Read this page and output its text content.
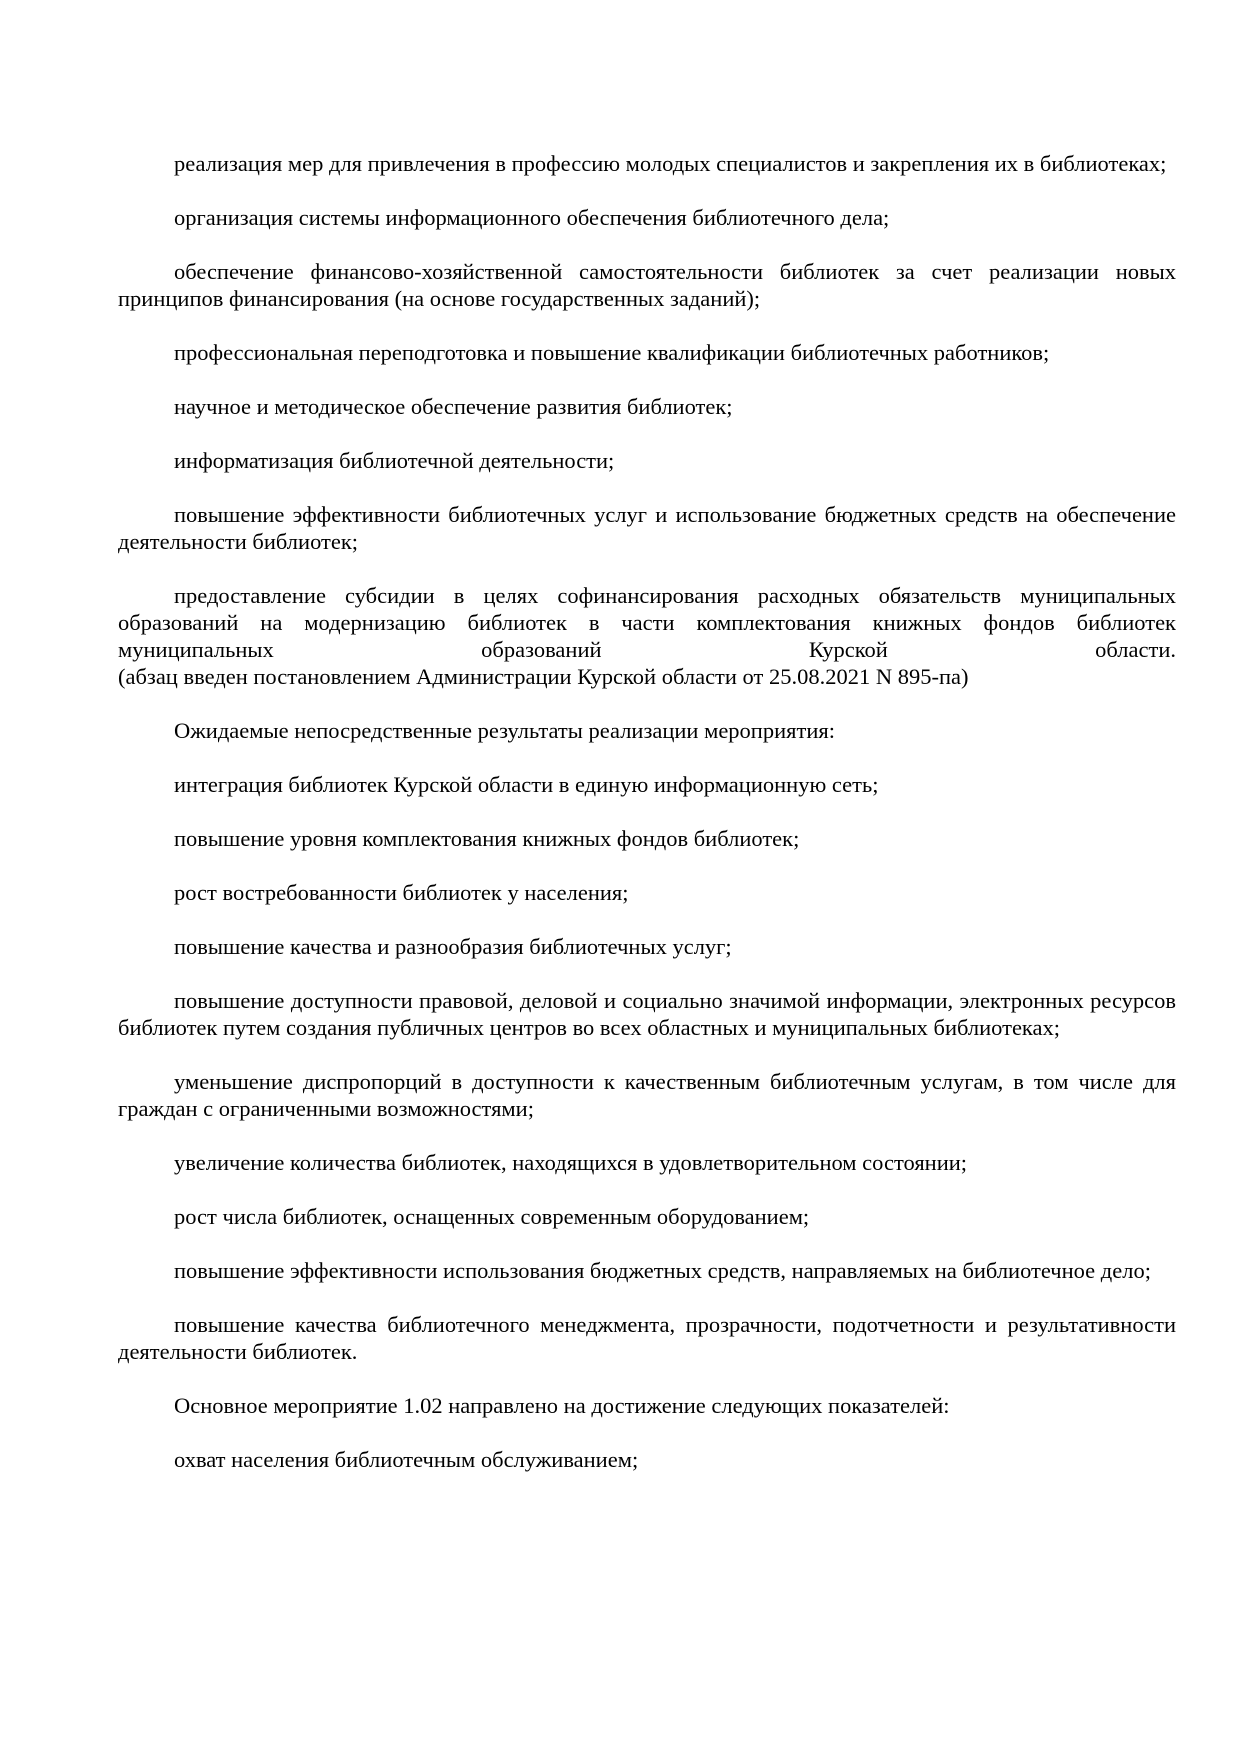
реализация мер для привлечения в профессию молодых специалистов и закрепления их в библиотеках;

организация системы информационного обеспечения библиотечного дела;

обеспечение финансово-хозяйственной самостоятельности библиотек за счет реализации новых принципов финансирования (на основе государственных заданий);

профессиональная переподготовка и повышение квалификации библиотечных работников;

научное и методическое обеспечение развития библиотек;

информатизация библиотечной деятельности;

повышение эффективности библиотечных услуг и использование бюджетных средств на обеспечение деятельности библиотек;

предоставление субсидии в целях софинансирования расходных обязательств муниципальных образований на модернизацию библиотек в части комплектования книжных фондов библиотек муниципальных образований Курской области.

(абзац введен постановлением Администрации Курской области от 25.08.2021 N 895-па)

Ожидаемые непосредственные результаты реализации мероприятия:

интеграция библиотек Курской области в единую информационную сеть;

повышение уровня комплектования книжных фондов библиотек;

рост востребованности библиотек у населения;

повышение качества и разнообразия библиотечных услуг;

повышение доступности правовой, деловой и социально значимой информации, электронных ресурсов библиотек путем создания публичных центров во всех областных и муниципальных библиотеках;

уменьшение диспропорций в доступности к качественным библиотечным услугам, в том числе для граждан с ограниченными возможностями;

увеличение количества библиотек, находящихся в удовлетворительном состоянии;

рост числа библиотек, оснащенных современным оборудованием;

повышение эффективности использования бюджетных средств, направляемых на библиотечное дело;

повышение качества библиотечного менеджмента, прозрачности, подотчетности и результативности деятельности библиотек.

Основное мероприятие 1.02 направлено на достижение следующих показателей:

охват населения библиотечным обслуживанием;
